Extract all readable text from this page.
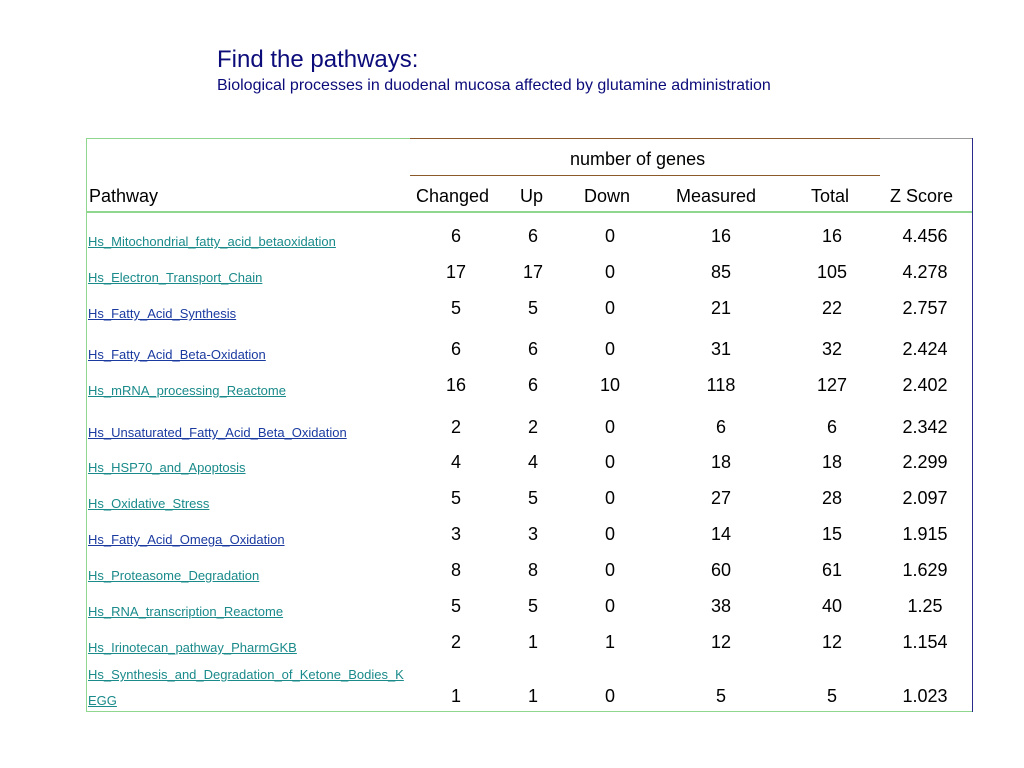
Find the pathways:
Biological processes in duodenal mucosa affected by glutamine administration
number of genes
Pathway	Changed Up Down	Measured	Total Z Score
Hs_Mitochondrial_fatty_acid_betaoxidation	6	6	0	16	16	4.456
Hs_Electron_Transport_Chain	17	17	0	85	105	4.278
Hs_Fatty_Acid_Synthesis	5	5	0	21	22	2.757
Hs_Fatty_Acid_Beta-Oxidation	6	6	0	31	32	2.424
Hs_mRNA_processing_Reactome	16	6	10	118	127	2.402
Hs_Unsaturated_Fatty_Acid_Beta_Oxidation	2	2	0	6	6	2.342
Hs_HSP70_and_Apoptosis	4	4	0	18	18	2.299
Hs_Oxidative_Stress	5	5	0	27	28	2.097
Hs_Fatty_Acid_Omega_Oxidation	3	3	0	14	15	1.915
Hs_Proteasome_Degradation	8	8	0	60	61	1.629
Hs_RNA_transcription_Reactome	5	5	0	38	40	1.25
Hs_Irinotecan_pathway_PharmGKB	2	1	1	12	12	1.154
Hs_Synthesis_and_Degradation_of_Ketone_Bodies_KEGG	1	1	0	5	5	1.023
